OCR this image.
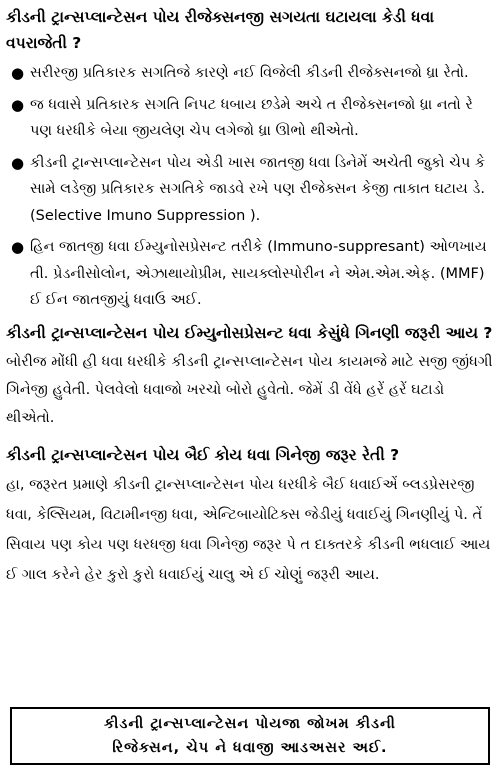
કીડની ટ્રાન્સપ્લાન્ટેસન પોય રીજેક્સનજી સગયતા ઘટાયલા કેડી ધવા વપરાજેતી ?
● સરીરજી પ્રતિકારક સગતિજે કારણે નઈ વિજેલી કીડની રીજેક્સનજો ધ્રા રેતો.
● જ ધવાસે પ્રતિકારક સગતિ નિપટ ધબાય છડેમે અચે ત રીજેક્સનજો ધ્રા નતો રે પણ ધરધીકે બેયા જીયલેણ ચેપ લગેજો ધ્રા ઊભો થીએતો.
● કીડની ટ્રાન્સપ્લાન્ટેસન પોય એડી ખાસ જાતજી ધવા ડિનેમેં અચેતી જુકો ચેપ કે સામે લડેજી પ્રતિકારક સગતિકે જાડવે રખે પણ રીજેક્સન કેજી તાકાત ઘટાય ડે. (Selective Imuno Suppression ).
● હિન જાતજી ધવા ઈમ્યુનોસપ્રેસન્ટ તરીકે (Immuno-suppresant) ઓળખાય તી. પ્રેડનીસોલોન, એઝાથાયોપ્રીમ, સાયક્લોસ્પોરીન ને એમ.એમ.એફ. (MMF) ઈ ઈન જાતજીયું ધવાઉ અઈ.
કીડની ટ્રાન્સપ્લાન્ટેસન પોય ઈમ્યુનોસપ્રેસન્ટ ધવા કેસુંધે ગિનણી જરૂરી આય ?

બોરીજ મોંધી હી ધવા ધરધીકે કીડની ટ્રાન્સપ્લાન્ટેસન પોય કાયમજે માટે સજી જીંધગી ગિનેજી હુવેતી. પેલવેલો ધવાજો ખરચો બોરો હુવેતો. જેમેં ડી વેંધે હરેં હરેં ઘટાડો થીએતો.

કીડની ટ્રાન્સપ્લાન્ટેસન પોય બૈઈ કોય ધવા ગિનેજી જરૂર રેતી ?

હા, જરૂરત પ્રમાણે કીડની ટ્રાન્સપ્લાન્ટેસન પોય ધરધીકે બૈઈ ધવાઈએં બ્લડપ્રેસરજી ધવા, કેલ્સિયમ, વિટામીનજી ધવા, એન્ટિબાયોટિક્સ જેડીયું ધવાઈયું ગિનણીયું પે. તેં સિવાય પણ કોય પણ ધરધજી ધવા ગિનેજી જરૂર પે ત દાક્તરકે કીડની ભધલાઈ આય ઈ ગાલ કરેને હેર કુરો કુરો ધવાઈયું ચાલુ એ ઈ ચોણું જરૂરી આય.

કીડની ટ્રાન્સપ્લાન્ટેસન પોયજા જોખમ કીડની
રિજેક્સન, ચેપ ને ધવાજી આડઅસર અઈ.
